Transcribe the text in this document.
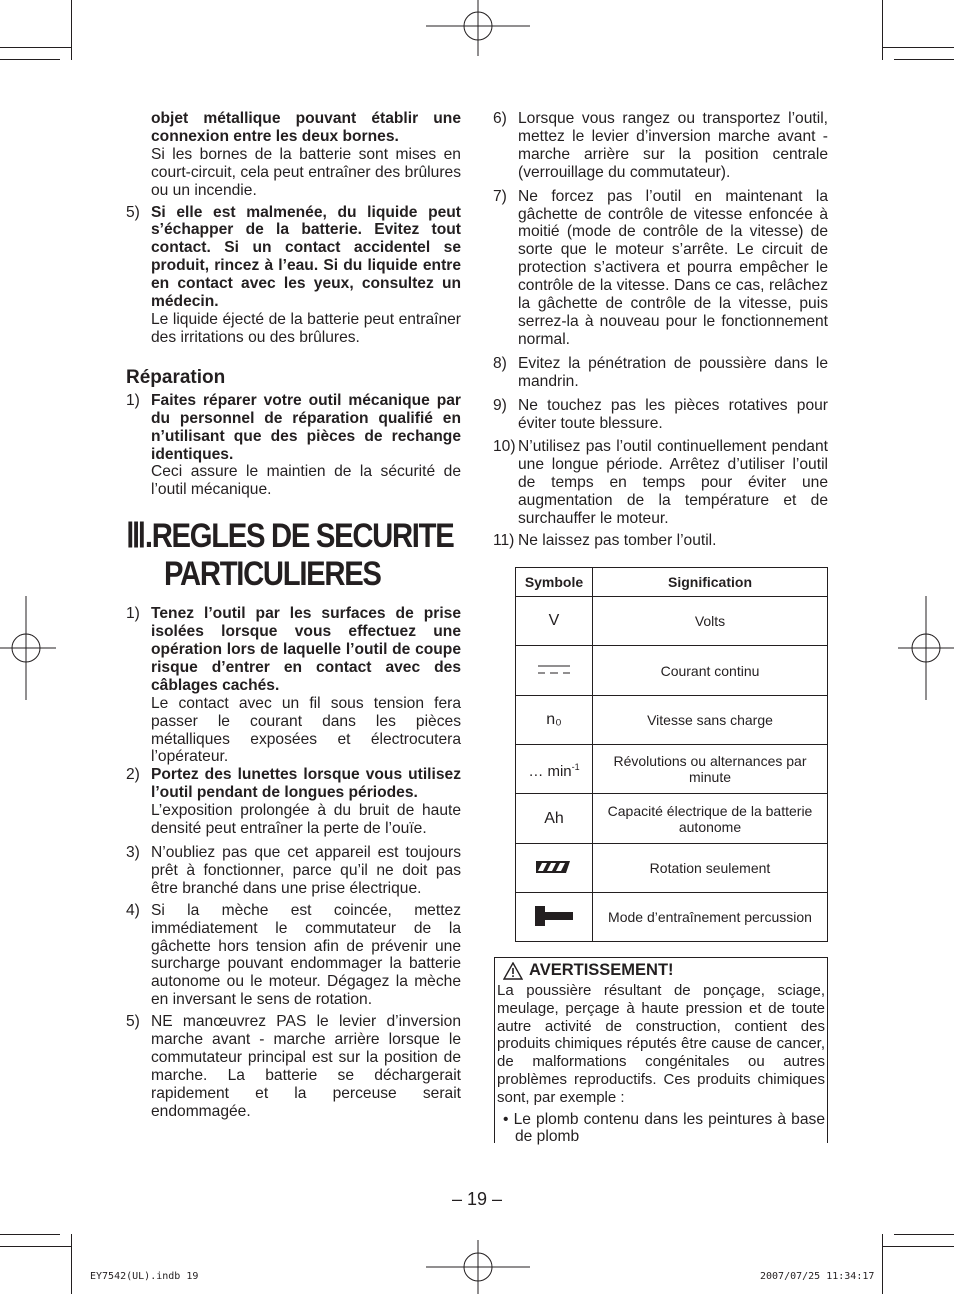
objet métallique pouvant établir une connexion entre les deux bornes.

Si les bornes de la batterie sont mises en court-circuit, cela peut entraîner des brûlures ou un incendie.

5) Si elle est malmenée, du liquide peut s’échapper de la batterie. Evitez tout contact. Si un contact accidentel se produit, rincez à l’eau. Si du liquide entre en contact avec les yeux, consultez un médecin.

Le liquide éjecté de la batterie peut entraîner des irritations ou des brûlures.

Réparation
1) Faites réparer votre outil mécanique par du personnel de réparation qualifié en n’utilisant que des pièces de rechange identiques.

Ceci assure le maintien de la sécurité de l’outil mécanique.

Ⅲ.REGLES DE SECURITE
PARTICULIERES
1) Tenez l’outil par les surfaces de prise isolées lorsque vous effectuez une opération lors de laquelle l’outil de coupe risque d’entrer en contact avec des câblages cachés.

Le contact avec un fil sous tension fera passer le courant dans les pièces métalliques exposées et électrocutera l’opérateur.

2) Portez des lunettes lorsque vous utilisez l’outil pendant de longues périodes.

L’exposition prolongée à du bruit de haute densité peut entraîner la perte de l’ouïe.

3) N’oubliez pas que cet appareil est toujours prêt à fonctionner, parce qu’il ne doit pas être branché dans une prise électrique.

4) Si la mèche est coincée, mettez immédiatement le commutateur de la gâchette hors tension afin de prévenir une surcharge pouvant endommager la batterie autonome ou le moteur. Dégagez la mèche en inversant le sens de rotation.

5) NE manœuvrez PAS le levier d’inversion marche avant - marche arrière lorsque le commutateur principal est sur la position de marche. La batterie se déchargerait rapidement et la perceuse serait endommagée.

6) Lorsque vous rangez ou transportez l’outil, mettez le levier d’inversion marche avant - marche arrière sur la position centrale (verrouillage du commutateur).

7) Ne forcez pas l’outil en maintenant la gâchette de contrôle de vitesse enfoncée à moitié (mode de contrôle de la vitesse) de sorte que le moteur s’arrête. Le circuit de protection s’activera et pourra empêcher le contrôle de la vitesse. Dans ce cas, relâchez la gâchette de contrôle de la vitesse, puis serrez-la à nouveau pour le fonctionnement normal.

8) Evitez la pénétration de poussière dans le mandrin.

9) Ne touchez pas les pièces rotatives pour éviter toute blessure.

10) N’utilisez pas l’outil continuellement pendant une longue période. Arrêtez d’utiliser l’outil de temps en temps pour éviter une augmentation de la température et de surchauffer le moteur.

11) Ne laissez pas tomber l’outil.

Symbole	Signification
V	Volts
	Courant continu
n₀	Vitesse sans charge
… $\min^{-1}$	Révolutions ou alternances par minute
Ah	Capacité électrique de la batterie autonome
	Rotation seulement
	Mode d’entraînement percussion
AVERTISSEMENT!

La poussière résultant de ponçage, sciage, meulage, perçage à haute pression et de toute autre activité de construction, contient des produits chimiques réputés être cause de cancer, de malformations congénitales ou autres problèmes reproductifs. Ces produits chimiques sont, par exemple :

• Le plomb contenu dans les peintures à base de plomb

– 19 –
EY7542(UL).indb 19	2007/07/25 11:34:17
